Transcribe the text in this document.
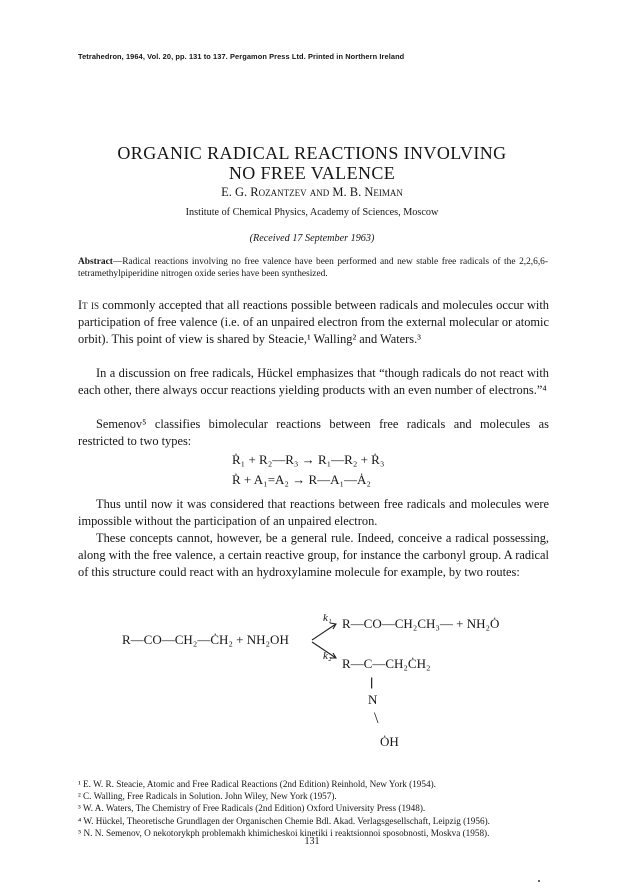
Tetrahedron, 1964, Vol. 20, pp. 131 to 137. Pergamon Press Ltd. Printed in Northern Ireland
ORGANIC RADICAL REACTIONS INVOLVING
NO FREE VALENCE
E. G. Rozantzev and M. B. Neiman
Institute of Chemical Physics, Academy of Sciences, Moscow
(Received 17 September 1963)
Abstract—Radical reactions involving no free valence have been performed and new stable free radicals of the 2,2,6,6-tetramethylpiperidine nitrogen oxide series have been synthesized.
It is commonly accepted that all reactions possible between radicals and molecules occur with participation of free valence (i.e. of an unpaired electron from the external molecular or atomic orbit). This point of view is shared by Steacie,¹ Walling² and Waters.³
In a discussion on free radicals, Hückel emphasizes that “though radicals do not react with each other, there always occur reactions yielding products with an even number of electrons.”⁴
Semenov⁵ classifies bimolecular reactions between free radicals and molecules as restricted to two types:
Ṙ₁ + R₂—R₃ → R₁—R₂ + Ṙ₃
Ṙ + A₁=A₂ → R—A₁—Ȧ₂
Thus until now it was considered that reactions between free radicals and molecules were impossible without the participation of an unpaired electron.
These concepts cannot, however, be a general rule. Indeed, conceive a radical possessing, along with the free valence, a certain reactive group, for instance the carbonyl group. A radical of this structure could react with an hydroxylamine molecule for example, by two routes:
R—CO—CH₂—ĊH₂ + NH₂OH
k₁
k₂
R—CO—CH₂CH₃— + NH₂Ȯ
R—C—CH₂ĊH₂
||
N
\
ȮH
¹ E. W. R. Steacie, Atomic and Free Radical Reactions (2nd Edition) Reinhold, New York (1954).
² C. Walling, Free Radicals in Solution. John Wiley, New York (1957).
³ W. A. Waters, The Chemistry of Free Radicals (2nd Edition) Oxford University Press (1948).
⁴ W. Hückel, Theoretische Grundlagen der Organischen Chemie Bdl. Akad. Verlagsgesellschaft, Leipzig (1956).
⁵ N. N. Semenov, O nekotorykph problemakh khimicheskoi kinetiki i reaktsionnoi sposobnosti, Moskva (1958).
131
